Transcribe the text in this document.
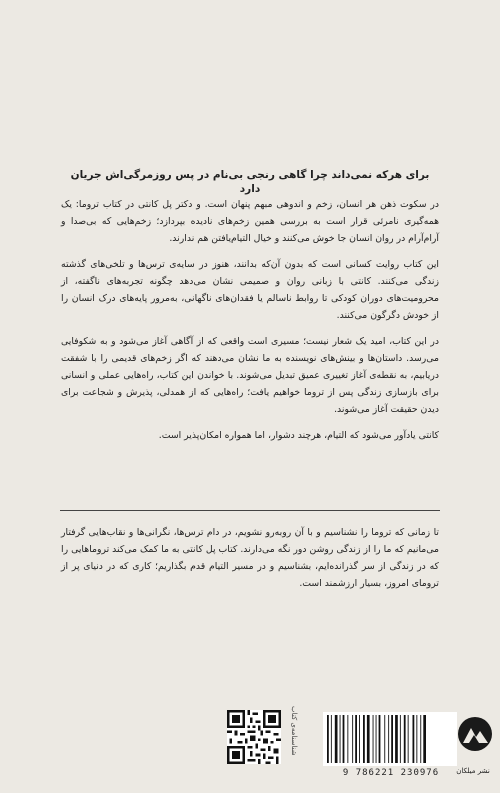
برای هرکه نمی‌داند چرا گاهی رنجی بی‌نام در پس روزمرگی‌اش جریان دارد

در سکوت ذهن هر انسان، زخم و اندوهی مبهم پنهان است. و دکتر پل کانتی در کتاب تروما: یک همه‌گیری نامرئی قرار است به بررسی همین زخم‌های نادیده بپردازد؛ زخم‌هایی که بی‌صدا و آرام‌آرام در روان انسان جا خوش می‌کنند و خیال التیام‌یافتن هم ندارند.

این کتاب روایت کسانی است که بدون آن‌که بدانند، هنوز در سایه‌ی ترس‌ها و تلخی‌های گذشته زندگی می‌کنند. کانتی با زبانی روان و صمیمی نشان می‌دهد چگونه تجربه‌های ناگفته، از محرومیت‌های دوران کودکی تا روابط ناسالم یا فقدان‌های ناگهانی، به‌مرور پایه‌های درک انسان را از خودش دگرگون می‌کنند.

در این کتاب، امید یک شعار نیست؛ مسیری است واقعی که از آگاهی آغاز می‌شود و به شکوفایی می‌رسد. داستان‌ها و بینش‌های نویسنده به ما نشان می‌دهند که اگر زخم‌های قدیمی را با شفقت دریابیم، به نقطه‌ی آغاز تغییری عمیق تبدیل می‌شوند. با خواندن این کتاب، راه‌هایی عملی و انسانی برای بازسازی زندگی پس از تروما خواهیم یافت؛ راه‌هایی که از همدلی، پذیرش و شجاعت برای دیدن حقیقت آغاز می‌شوند.

کانتی یادآور می‌شود که التیام، هرچند دشوار، اما همواره امکان‌پذیر است.

تا زمانی که تروما را نشناسیم و با آن روبه‌رو نشویم، در دام ترس‌ها، نگرانی‌ها و نقاب‌هایی گرفتار می‌مانیم که ما را از زندگی روشن دور نگه می‌دارند. کتاب پل کانتی به ما کمک می‌کند تروماهایی را که در زندگی از سر گذرانده‌ایم، بشناسیم و در مسیر التیام قدم بگذاریم؛ کاری که در دنیای پر از ترومای امروز، بسیار ارزشمند است.

شناسنامه‌ی کتاب
9 786221 230976	نشر میلکان
